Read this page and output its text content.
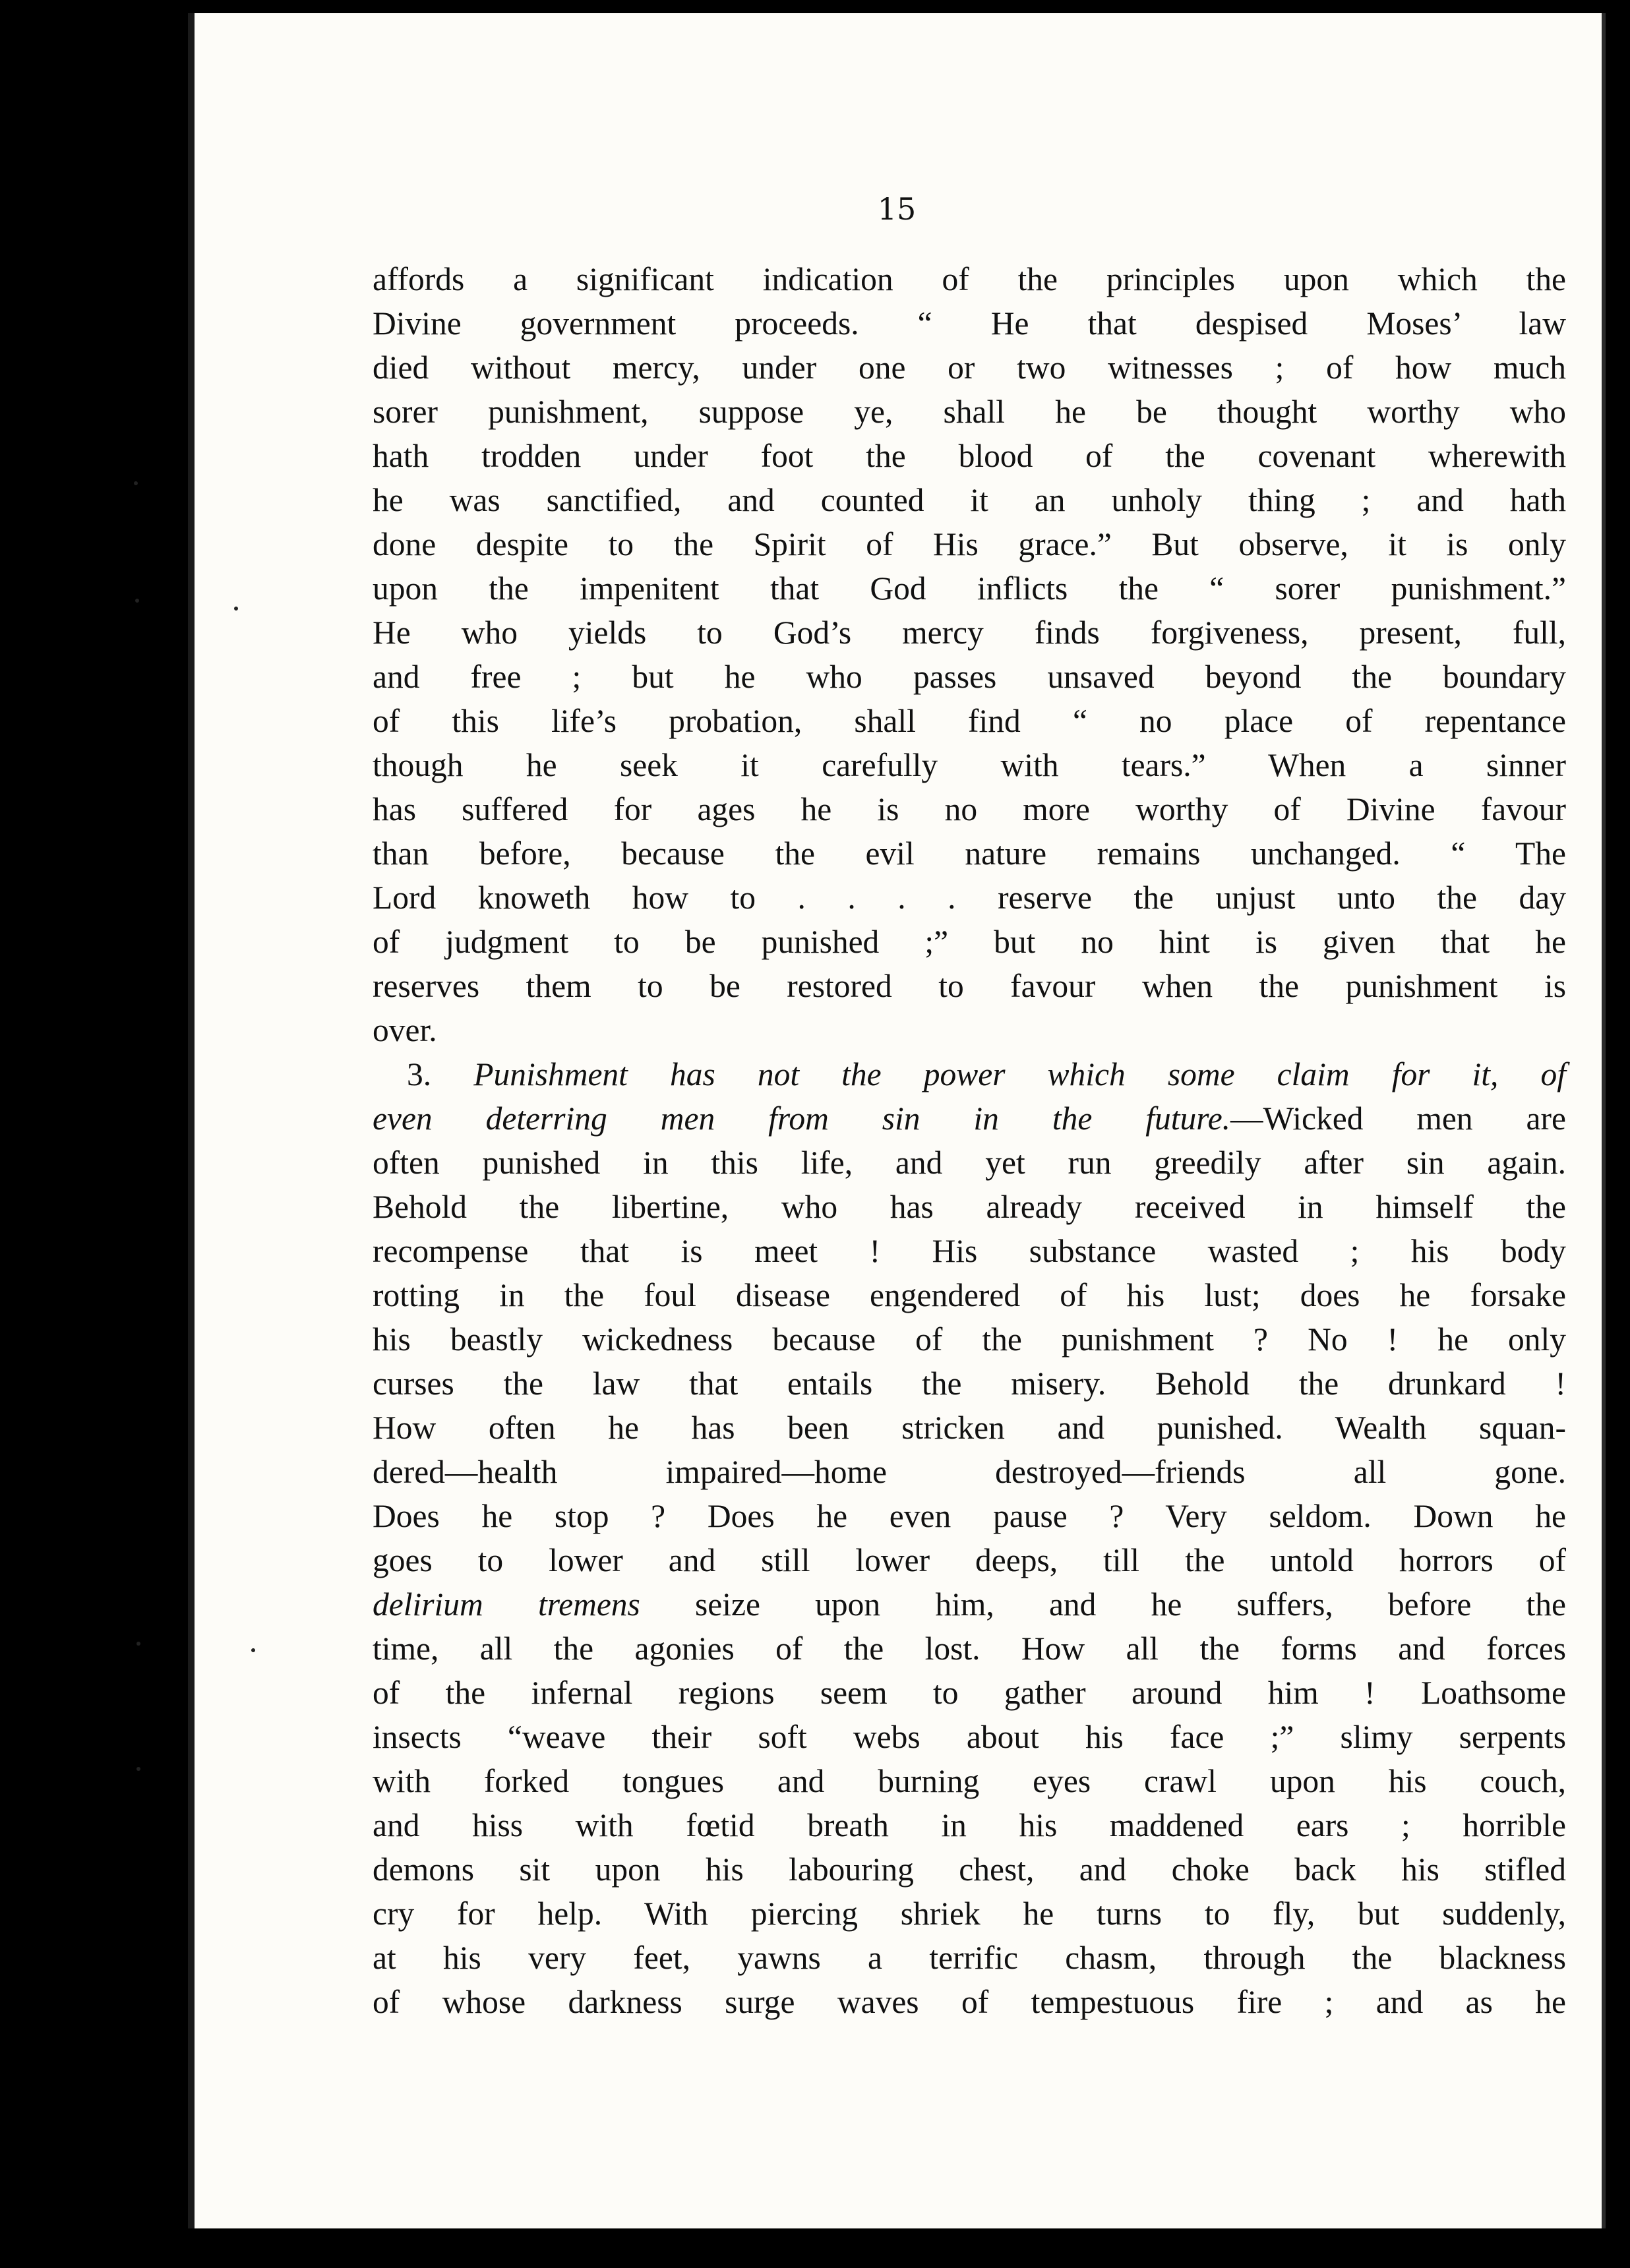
15
affords a significant indication of the principles upon which the
Divine government proceeds. “ He that despised Moses’ law
died without mercy, under one or two witnesses ; of how much
sorer punishment, suppose ye, shall he be thought worthy who
hath trodden under foot the blood of the covenant wherewith
he was sanctified, and counted it an unholy thing ; and hath
done despite to the Spirit of His grace.” But observe, it is only
upon the impenitent that God inflicts the “ sorer punishment.”
He who yields to God’s mercy finds forgiveness, present, full,
and free ; but he who passes unsaved beyond the boundary
of this life’s probation, shall find “ no place of repentance
though he seek it carefully with tears.” When a sinner
has suffered for ages he is no more worthy of Divine favour
than before, because the evil nature remains unchanged. “ The
Lord knoweth how to . . . . reserve the unjust unto the day
of judgment to be punished ;” but no hint is given that he
reserves them to be restored to favour when the punishment is
over.
3. Punishment has not the power which some claim for it, of
even deterring men from sin in the future.—Wicked men are
often punished in this life, and yet run greedily after sin again.
Behold the libertine, who has already received in himself the
recompense that is meet ! His substance wasted ; his body
rotting in the foul disease engendered of his lust; does he forsake
his beastly wickedness because of the punishment ? No ! he only
curses the law that entails the misery. Behold the drunkard !
How often he has been stricken and punished. Wealth squan-
dered—health impaired—home destroyed—friends all gone.
Does he stop ? Does he even pause ? Very seldom. Down he
goes to lower and still lower deeps, till the untold horrors of
delirium tremens seize upon him, and he suffers, before the
time, all the agonies of the lost. How all the forms and forces
of the infernal regions seem to gather around him ! Loathsome
insects “weave their soft webs about his face ;” slimy serpents
with forked tongues and burning eyes crawl upon his couch,
and hiss with fœtid breath in his maddened ears ; horrible
demons sit upon his labouring chest, and choke back his stifled
cry for help. With piercing shriek he turns to fly, but suddenly,
at his very feet, yawns a terrific chasm, through the blackness
of whose darkness surge waves of tempestuous fire ; and as he
